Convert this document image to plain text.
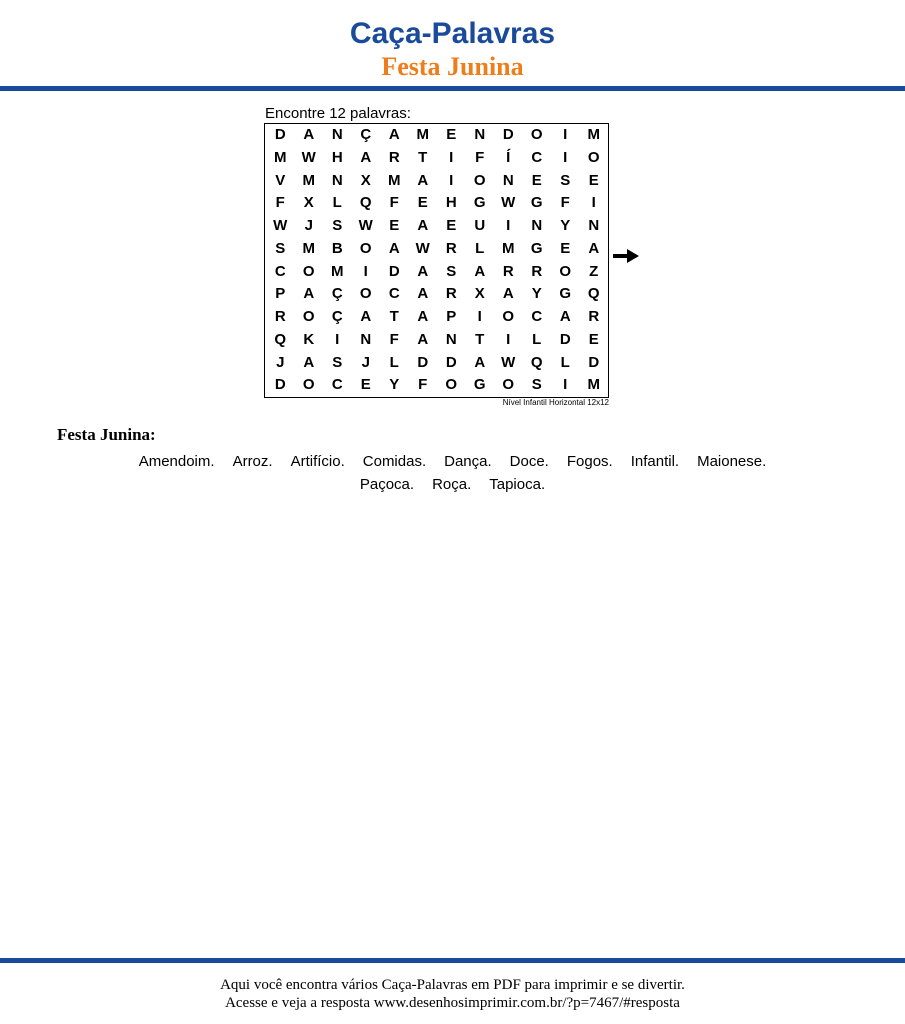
Caça-Palavras
Festa Junina
Encontre 12 palavras:
D	A	N	Ç	A	M	E	N	D	O	I	M
M	W	H	A	R	T	I	F	Í	C	I	O
V	M	N	X	M	A	I	O	N	E	S	E
F	X	L	Q	F	E	H	G	W	G	F	I
W	J	S	W	E	A	E	U	I	N	Y	N
S	M	B	O	A	W	R	L	M	G	E	A
C	O	M	I	D	A	S	A	R	R	O	Z
P	A	Ç	O	C	A	R	X	A	Y	G	Q
R	O	Ç	A	T	A	P	I	O	C	A	R
Q	K	I	N	F	A	N	T	I	L	D	E
J	A	S	J	L	D	D	A	W	Q	L	D
D	O	C	E	Y	F	O	G	O	S	I	M
Nível Infantil Horizontal 12x12
Festa Junina:
Amendoim. Arroz. Artifício. Comidas. Dança. Doce. Fogos. Infantil. Maionese.
Paçoca. Roça. Tapioca.
Aqui você encontra vários Caça-Palavras em PDF para imprimir e se divertir.
Acesse e veja a resposta www.desenhosimprimir.com.br/?p=7467/#resposta
